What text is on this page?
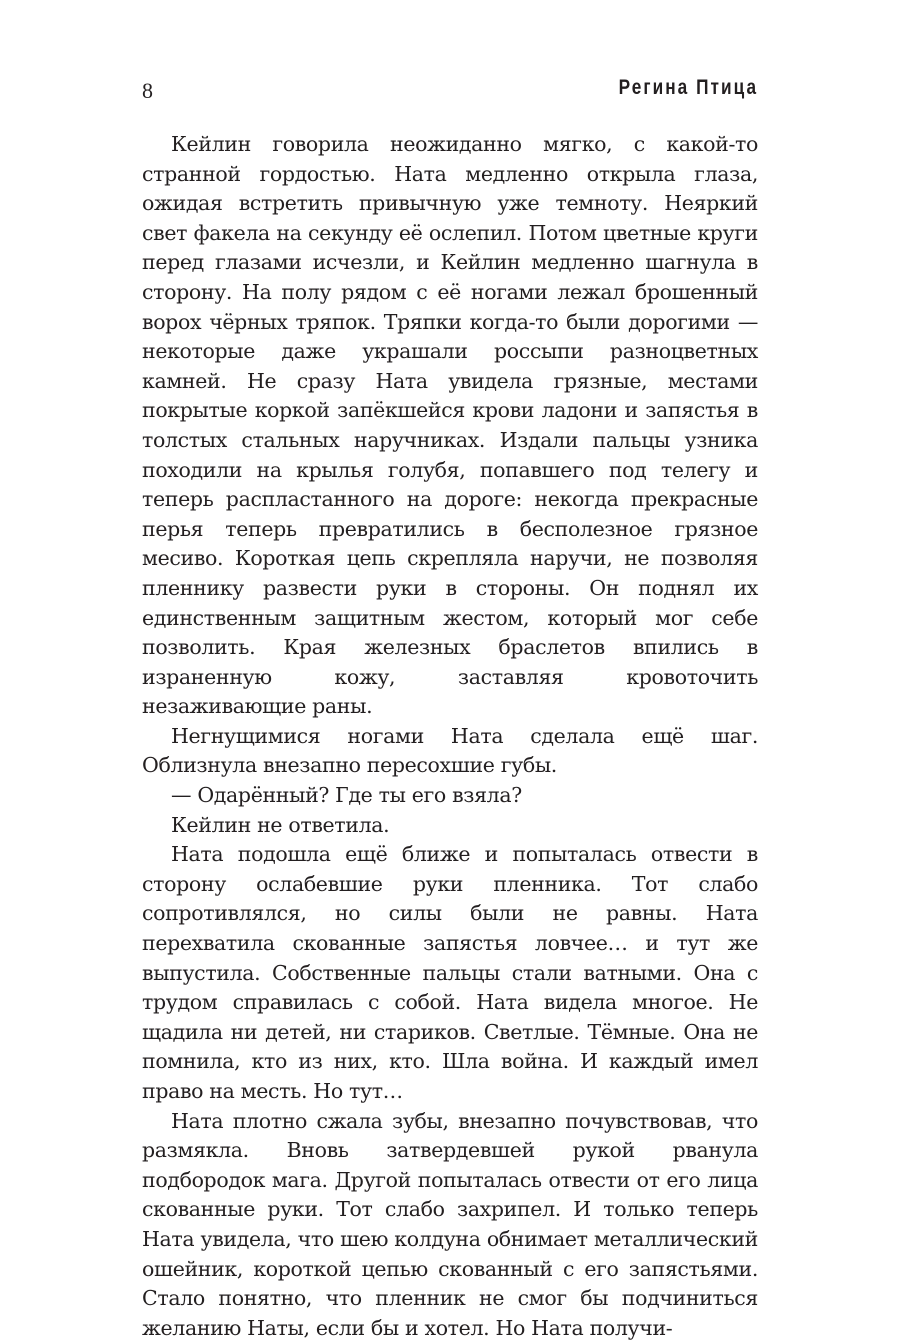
8	Регина Птица

Кейлин говорила неожиданно мягко, с какой-то странной гордостью. Ната медленно открыла глаза, ожидая встретить привычную уже темноту. Неяркий свет факела на секунду её ослепил. Потом цветные круги перед глазами исчезли, и Кейлин медленно шагнула в сторону. На полу рядом с её ногами лежал брошенный ворох чёрных тряпок. Тряпки когда-то были дорогими — некоторые даже украшали россыпи разноцветных камней. Не сразу Ната увидела грязные, местами покрытые коркой запёкшейся крови ладони и запястья в толстых стальных наручниках. Издали пальцы узника походили на крылья голубя, попавшего под телегу и теперь распластанного на дороге: некогда прекрасные перья теперь превратились в бесполезное грязное месиво. Короткая цепь скрепляла наручи, не позволяя пленнику развести руки в стороны. Он поднял их единственным защитным жестом, который мог себе позволить. Края железных браслетов впились в израненную кожу, заставляя кровоточить незаживающие раны.

Негнущимися ногами Ната сделала ещё шаг. Облизнула внезапно пересохшие губы.

— Одарённый? Где ты его взяла?

Кейлин не ответила.

Ната подошла ещё ближе и попыталась отвести в сторону ослабевшие руки пленника. Тот слабо сопротивлялся, но силы были не равны. Ната перехватила скованные запястья ловчее… и тут же выпустила. Собственные пальцы стали ватными. Она с трудом справилась с собой. Ната видела многое. Не щадила ни детей, ни стариков. Светлые. Тёмные. Она не помнила, кто из них, кто. Шла война. И каждый имел право на месть. Но тут…

Ната плотно сжала зубы, внезапно почувствовав, что размякла. Вновь затвердевшей рукой рванула подбородок мага. Другой попыталась отвести от его лица скованные руки. Тот слабо захрипел. И только теперь Ната увидела, что шею колдуна обнимает металлический ошейник, короткой цепью скованный с его запястьями. Стало понятно, что пленник не смог бы подчиниться желанию Наты, если бы и хотел. Но Ната получи-
